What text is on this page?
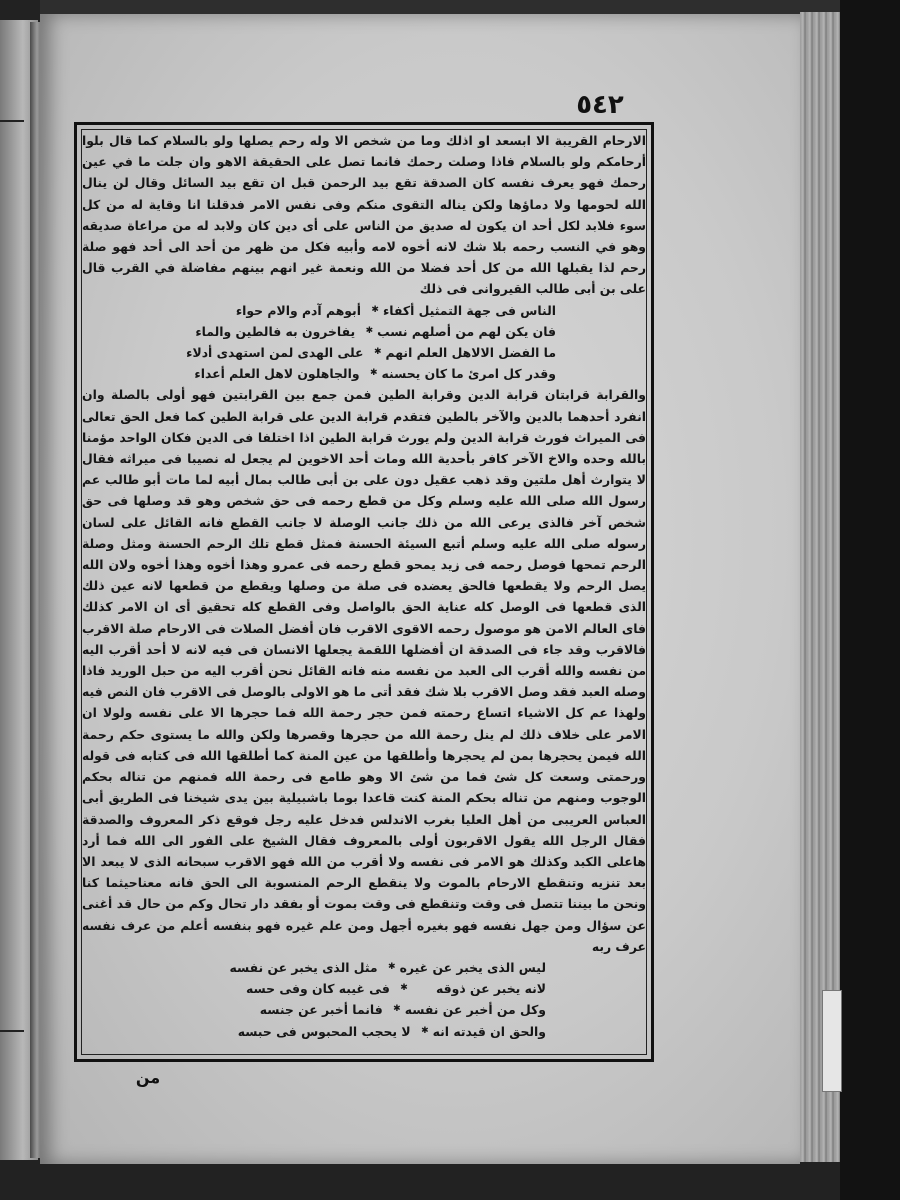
٥٤٢

الارحام القريبة الا ابسعد او اذلك وما من شخص الا وله رحم يصلها ولو بالسلام كما قال بلوا أرحامكم ولو بالسلام فاذا وصلت رحمك فانما تصل على الحقيقة الاهو وان جلت ما في عين رحمك فهو يعرف نفسه كان الصدقة تقع بيد الرحمن قبل ان تقع بيد السائل وقال لن ينال الله لحومها ولا دماؤها ولكن يناله التقوى منكم وفى نفس الامر فدقلنا انا وقاية له من كل سوء فلابد لكل أحد ان يكون له صديق من الناس على أى دين كان ولابد له من مراعاة صديقه وهو في النسب رحمه بلا شك لانه أخوه لامه وأبيه فكل من ظهر من أحد الى أحد فهو صلة رحم لذا يقبلها الله من كل أحد فضلا من الله ونعمة غير انهم بينهم مفاضلة في القرب قال على بن أبى طالب القيروانى فى ذلك

الناس فى جهة التمثيل أكفاء
✱
أبوهم آدم والام حواء
فان يكن لهم من أصلهم نسب
✱
يفاخرون به فالطين والماء
ما الفضل الالاهل العلم انهم
✱
على الهدى لمن استهدى أدلاء
وقدر كل امرئ ما كان يحسنه
✱
والجاهلون لاهل العلم أعداء

والقرابة قرابتان قرابة الدين وقرابة الطين فمن جمع بين القرابتين فهو أولى بالصلة وان انفرد أحدهما بالدين والآخر بالطين فتقدم قرابة الدين على قرابة الطين كما فعل الحق تعالى فى الميراث فورث قرابة الدين ولم يورث قرابة الطين اذا اختلفا فى الدين فكان الواحد مؤمنا بالله وحده والاخ الآخر كافر بأحدية الله ومات أحد الاخوين لم يجعل له نصيبا فى ميراثه فقال لا يتوارث أهل ملتين وقد ذهب عقيل دون على بن أبى طالب بمال أبيه لما مات أبو طالب عم رسول الله صلى الله عليه وسلم وكل من قطع رحمه فى حق شخص وهو قد وصلها فى حق شخص آخر فالذى يرعى الله من ذلك جانب الوصلة لا جانب القطع فانه القائل على لسان رسوله صلى الله عليه وسلم أتبع السيئة الحسنة فمثل قطع تلك الرحم الحسنة ومثل وصلة الرحم تمحها فوصل رحمه فى زيد يمحو قطع رحمه فى عمرو وهذا أخوه وهذا أخوه ولان الله يصل الرحم ولا يقطعها فالحق يعضده فى صلة من وصلها ويقطع من قطعها لانه عين ذلك الذى قطعها فى الوصل كله عناية الحق بالواصل وفى القطع كله تحقيق أى ان الامر كذلك فاى العالم الامن هو موصول رحمه الاقوى الاقرب فان أفضل الصلات فى الارحام صلة الاقرب فالاقرب وقد جاء فى الصدقة ان أفضلها اللقمة يجعلها الانسان فى فيه لانه لا أحد أقرب اليه من نفسه والله أقرب الى العبد من نفسه منه فانه القائل نحن أقرب اليه من حبل الوريد فاذا وصله العبد فقد وصل الاقرب بلا شك فقد أتى ما هو الاولى بالوصل فى الاقرب فان النص فيه ولهذا عم كل الاشياء اتساع رحمته فمن حجر رحمة الله فما حجرها الا على نفسه ولولا ان الامر على خلاف ذلك لم ينل رحمة الله من حجرها وقصرها ولكن والله ما يستوى حكم رحمة الله فيمن يحجرها بمن لم يحجرها وأطلقها من عين المنة كما أطلقها الله فى كتابه فى قوله ورحمتى وسعت كل شئ فما من شئ الا وهو طامع فى رحمة الله فمنهم من تناله بحكم الوجوب ومنهم من تناله بحكم المنة كنت قاعدا بوما باشبيلية بين يدى شيخنا فى الطريق أبى العباس العريبى من أهل العليا بغرب الاندلس فدخل عليه رجل فوقع ذكر المعروف والصدقة فقال الرجل الله يقول الاقربون أولى بالمعروف فقال الشيخ على الفور الى الله فما أرد هاعلى الكبد وكذلك هو الامر فى نفسه ولا أقرب من الله فهو الاقرب سبحانه الذى لا يبعد الا بعد تنزيه وتنقطع الارحام بالموت ولا ينقطع الرحم المنسوبة الى الحق فانه معناحيثما كنا ونحن ما بيننا تتصل فى وقت وتنقطع فى وقت بموت أو بفقد دار تحال وكم من حال قد أغنى عن سؤال ومن جهل نفسه فهو بغيره أجهل ومن علم غيره فهو بنفسه أعلم من عرف نفسه عرف ربه

ليس الذى يخبر عن غيره
✱
مثل الذى يخبر عن نفسه
لانه يخبر عن ذوقه
✱
فى غيبه كان وفى حسه
وكل من أخبر عن نفسه
✱
فانما أخبر عن جنسه
والحق ان قيدته انه
✱
لا يحجب المحبوس فى حبسه
من
